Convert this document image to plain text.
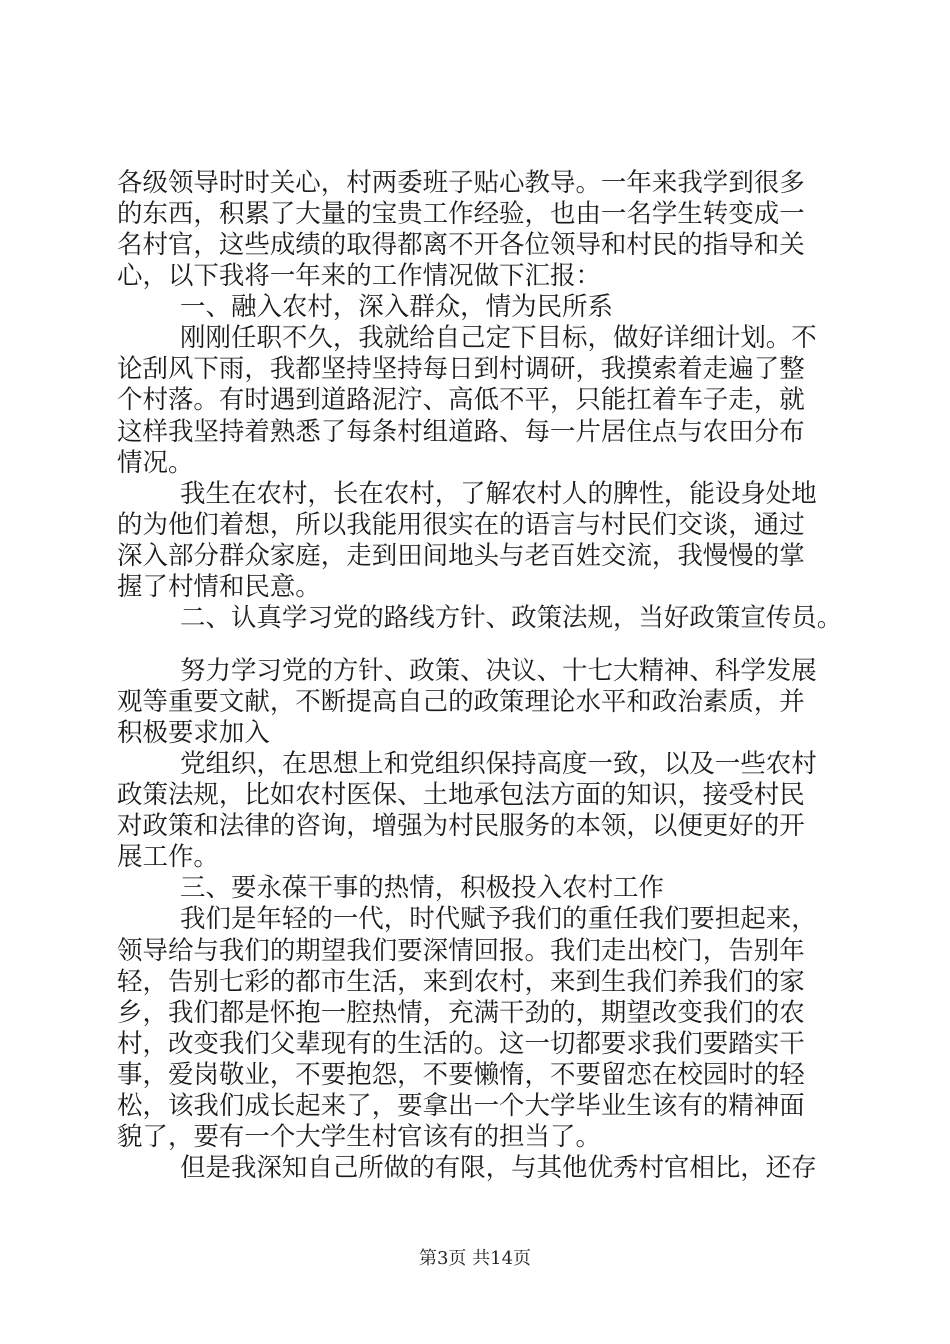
各级领导时时关心，村两委班子贴心教导。一年来我学到很多
的东西，积累了大量的宝贵工作经验，也由一名学生转变成一
名村官，这些成绩的取得都离不开各位领导和村民的指导和关
心，以下我将一年来的工作情况做下汇报：
一、融入农村，深入群众，情为民所系
刚刚任职不久，我就给自己定下目标，做好详细计划。不
论刮风下雨，我都坚持坚持每日到村调研，我摸索着走遍了整
个村落。有时遇到道路泥泞、高低不平，只能扛着车子走，就
这样我坚持着熟悉了每条村组道路、每一片居住点与农田分布
情况。
我生在农村，长在农村，了解农村人的脾性，能设身处地
的为他们着想，所以我能用很实在的语言与村民们交谈，通过
深入部分群众家庭，走到田间地头与老百姓交流，我慢慢的掌
握了村情和民意。
二、认真学习党的路线方针、政策法规，当好政策宣传员。
努力学习党的方针、政策、决议、十七大精神、科学发展
观等重要文献，不断提高自己的政策理论水平和政治素质，并
积极要求加入
党组织，在思想上和党组织保持高度一致，以及一些农村
政策法规，比如农村医保、土地承包法方面的知识，接受村民
对政策和法律的咨询，增强为村民服务的本领，以便更好的开
展工作。
三、要永葆干事的热情，积极投入农村工作
我们是年轻的一代，时代赋予我们的重任我们要担起来，
领导给与我们的期望我们要深情回报。我们走出校门，告别年
轻，告别七彩的都市生活，来到农村，来到生我们养我们的家
乡，我们都是怀抱一腔热情，充满干劲的，期望改变我们的农
村，改变我们父辈现有的生活的。这一切都要求我们要踏实干
事，爱岗敬业，不要抱怨，不要懒惰，不要留恋在校园时的轻
松，该我们成长起来了，要拿出一个大学毕业生该有的精神面
貌了，要有一个大学生村官该有的担当了。
但是我深知自己所做的有限，与其他优秀村官相比，还存
第3页 共14页
